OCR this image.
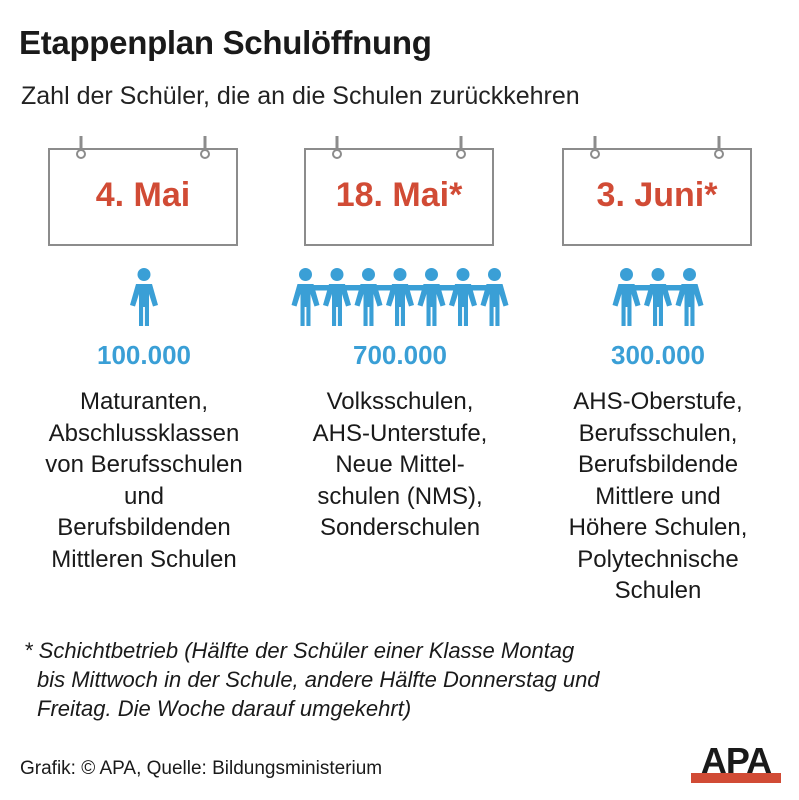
Etappenplan Schulöffnung

Zahl der Schüler, die an die Schulen zurückkehren

4. Mai
100.000
Maturanten,
Abschlussklassen
von Berufsschulen
und
Berufsbildenden
Mittleren Schulen
18. Mai*
700.000
Volksschulen,
AHS-Unterstufe,
Neue Mittel-
schulen (NMS),
Sonderschulen
3. Juni*
300.000
AHS-Oberstufe,
Berufsschulen,
Berufsbildende
Mittlere und
Höhere Schulen,
Polytechnische
Schulen
* Schichtbetrieb (Hälfte der Schüler einer Klasse Montag
bis Mittwoch in der Schule, andere Hälfte Donnerstag und
Freitag. Die Woche darauf umgekehrt)

Grafik: © APA, Quelle: Bildungsministerium	APA
